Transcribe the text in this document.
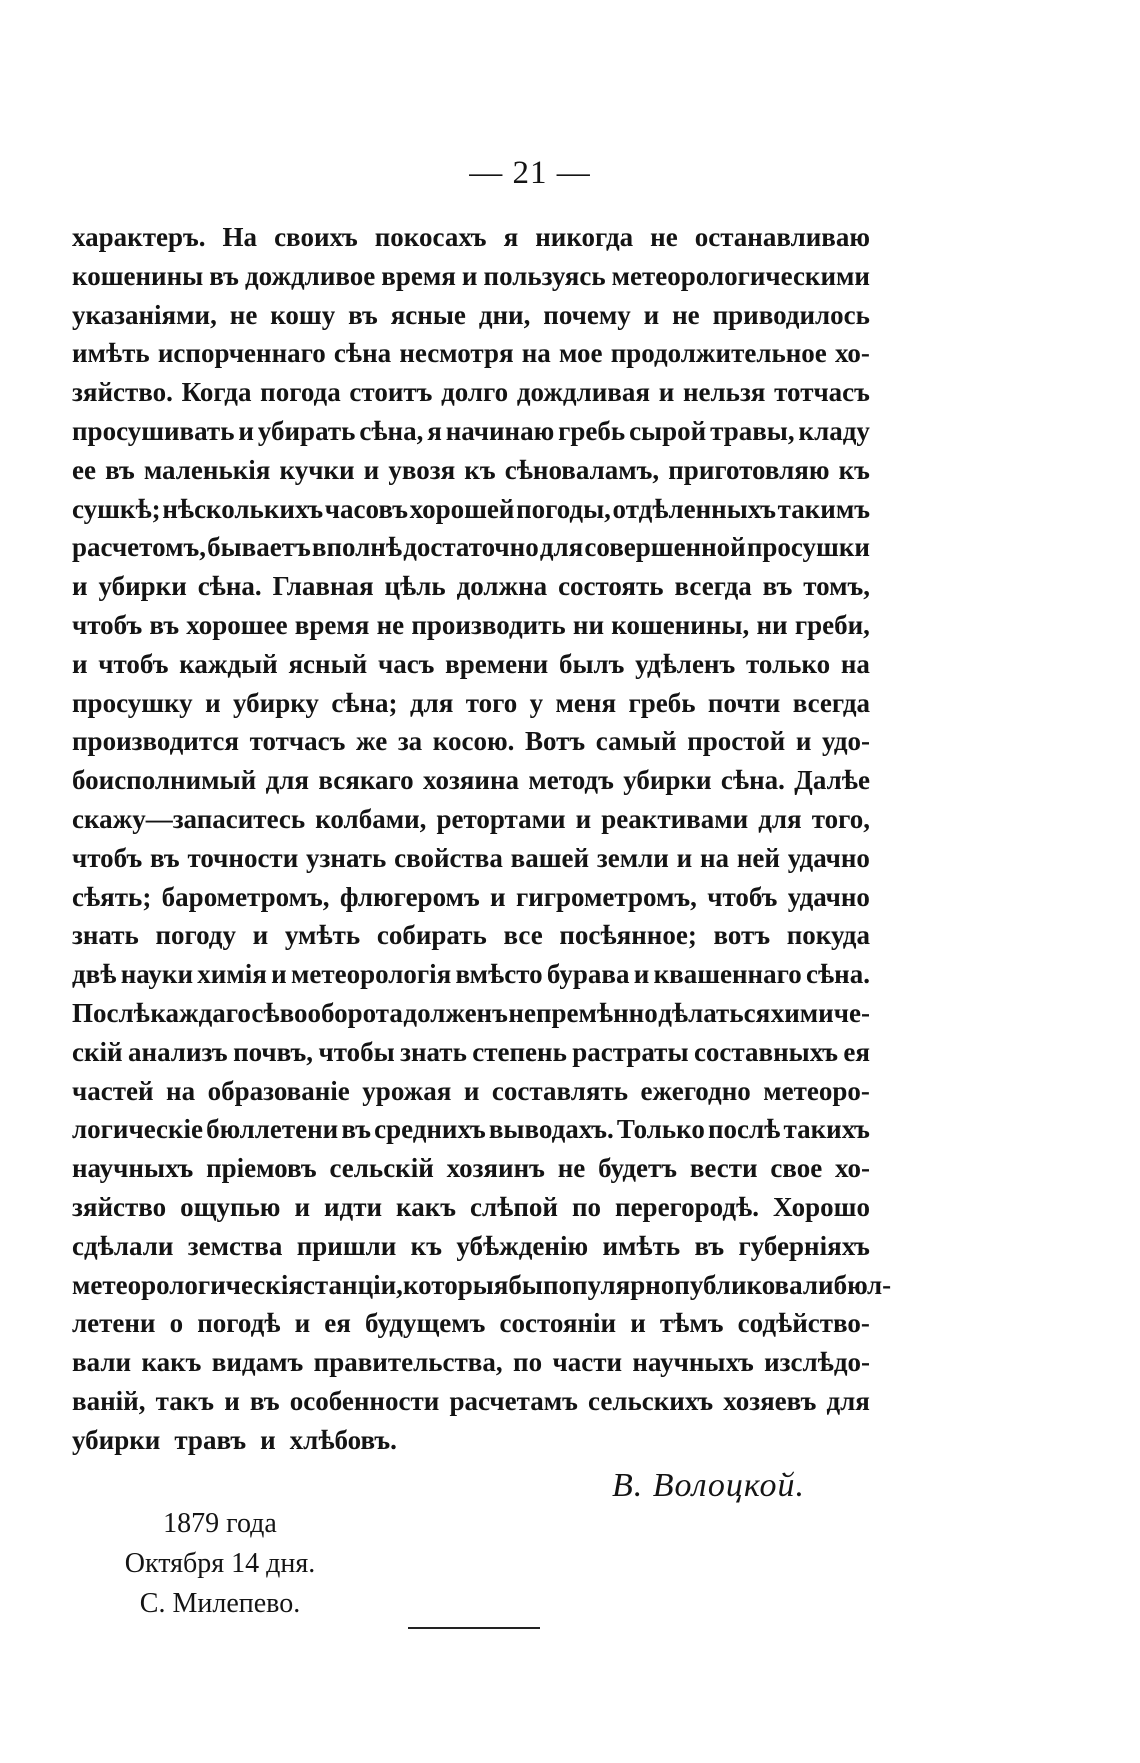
— 21 —
характеръ. На своихъ покосахъ я никогда не останавливаю
кошенины въ дождливое время и пользуясь метеорологическими
указаніями, не кошу въ ясные дни, почему и не приводилось
имѣть испорченнаго сѣна несмотря на мое продолжительное хо-
зяйство. Когда погода стоитъ долго дождливая и нельзя тотчасъ
просушивать и убирать сѣна, я начинаю гребь сырой травы, кладу
ее въ маленькія кучки и увозя къ сѣноваламъ, приготовляю къ
сушкѣ; нѣсколькихъ часовъ хорошей погоды, отдѣленныхъ такимъ
расчетомъ, бываетъ вполнѣ достаточно для совершенной просушки
и убирки сѣна. Главная цѣль должна состоять всегда въ томъ,
чтобъ въ хорошее время не производить ни кошенины, ни греби,
и чтобъ каждый ясный часъ времени былъ удѣленъ только на
просушку и убирку сѣна; для того у меня гребь почти всегда
производится тотчасъ же за косою. Вотъ самый простой и удо-
боисполнимый для всякаго хозяина методъ убирки сѣна. Далѣе
скажу—запаситесь колбами, ретортами и реактивами для того,
чтобъ въ точности узнать свойства вашей земли и на ней удачно
сѣять; барометромъ, флюгеромъ и гигрометромъ, чтобъ удачно
знать погоду и умѣть собирать все посѣянное; вотъ покуда
двѣ науки химія и метеорологія вмѣсто бурава и квашеннаго сѣна.
Послѣ каждаго сѣвооборота долженъ непремѣнно дѣлаться химиче-
скій анализъ почвъ, чтобы знать степень растраты составныхъ ея
частей на образованіе урожая и составлять ежегодно метеоро-
логическіе бюллетени въ среднихъ выводахъ. Только послѣ такихъ
научныхъ пріемовъ сельскій хозяинъ не будетъ вести свое хо-
зяйство ощупью и идти какъ слѣпой по перегородѣ. Хорошо
сдѣлали земства пришли къ убѣжденію имѣть въ губерніяхъ
метеорологическія станціи, которыя бы популярно публиковали бюл-
летени о погодѣ и ея будущемъ состояніи и тѣмъ содѣйство-
вали какъ видамъ правительства, по части научныхъ изслѣдо-
ваній, такъ и въ особенности расчетамъ сельскихъ хозяевъ для
убирки травъ и хлѣбовъ.
В. Волоцкой.
1879 года
Октября 14 дня.
С. Милепево.
